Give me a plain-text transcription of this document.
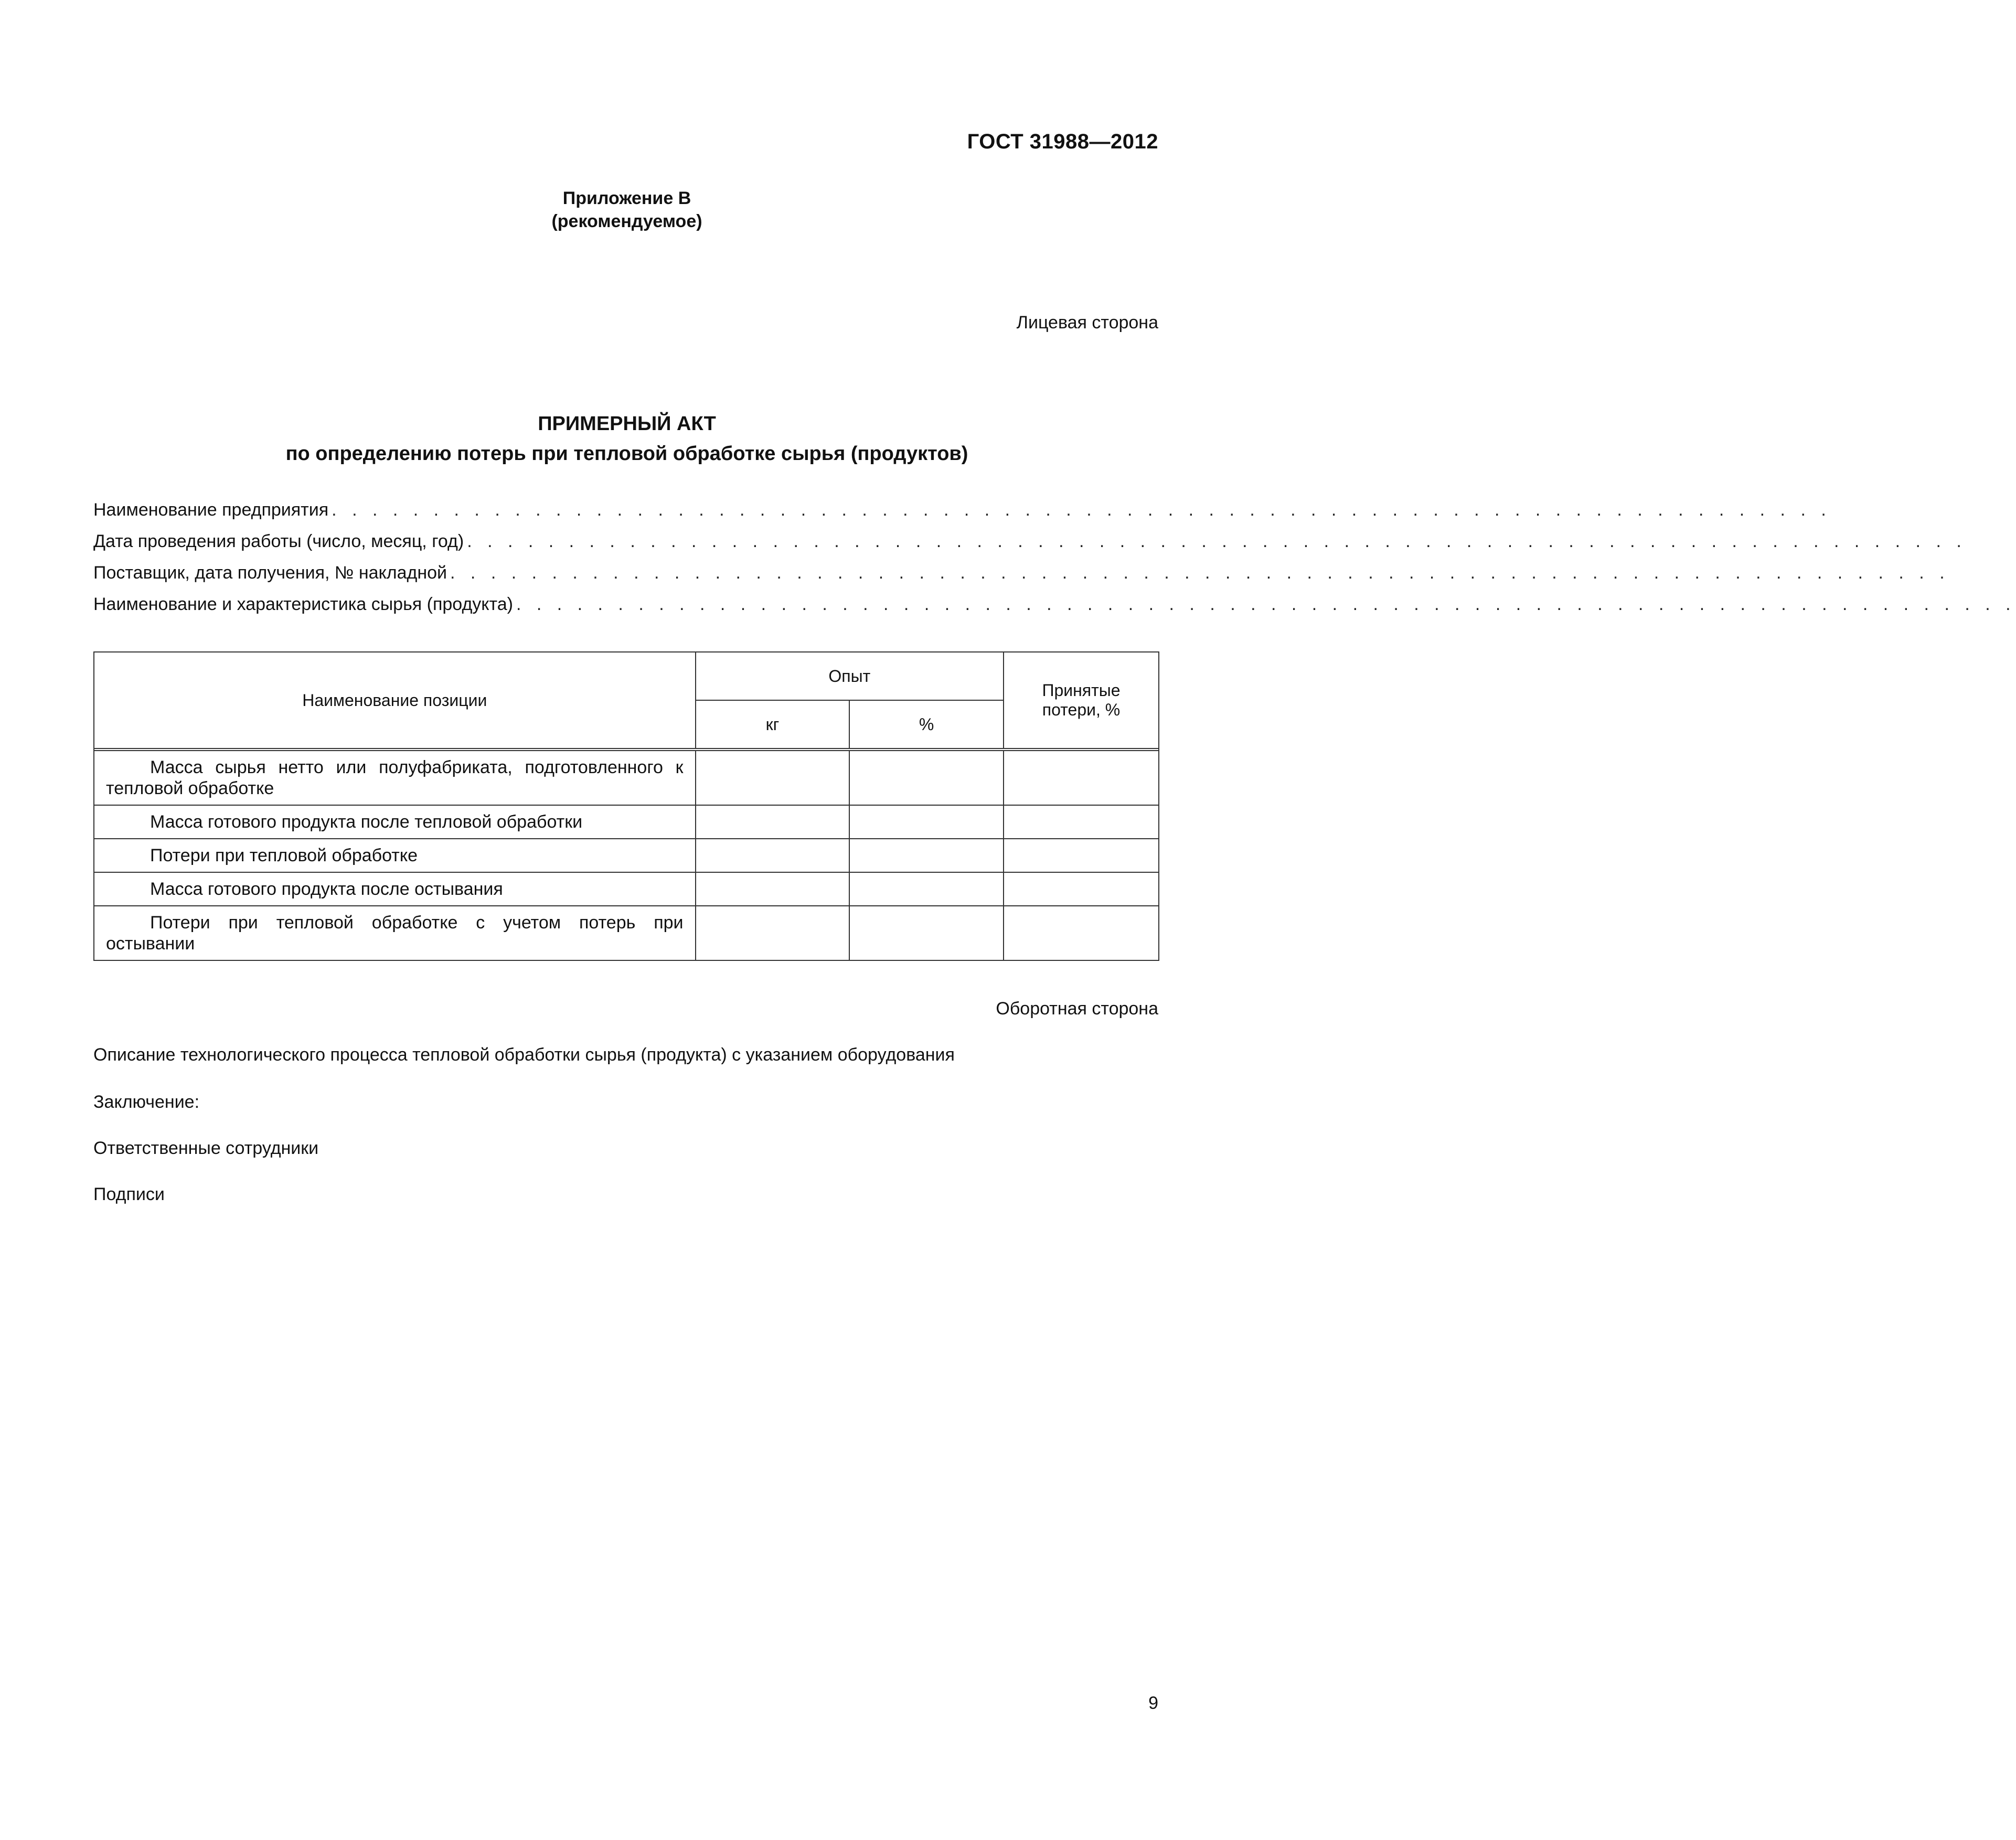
ГОСТ 31988—2012
Приложение В
(рекомендуемое)
Лицевая сторона
ПРИМЕРНЫЙ АКТ
по определению потерь при тепловой обработке сырья (продуктов)
Наименование предприятия . . . . . . . . . . . . . . . . . . . . . . . . . . . . . . . . . . . . . . . . . . . . . . . . . . . . . . . . . . . . . . . . . . . . . . . . . .
Дата проведения работы (число, месяц, год) . . . . . . . . . . . . . . . . . . . . . . . . . . . . . . . . . . . . . . . . . . . . . . . . . . . . . . . . . . . . . . . . . . . . . . . . . .
Поставщик, дата получения, № накладной . . . . . . . . . . . . . . . . . . . . . . . . . . . . . . . . . . . . . . . . . . . . . . . . . . . . . . . . . . . . . . . . . . . . . . . . . .
Наименование и характеристика сырья (продукта) . . . . . . . . . . . . . . . . . . . . . . . . . . . . . . . . . . . . . . . . . . . . . . . . . . . . . . . . . . . . . . . . . . . . . . . . . .
Наименование позиции	Опыт		Принятые потери, %
	кг	%	

Масса сырья нетто или полуфабриката, подготовленного к тепловой обработке			
Масса готового продукта после тепловой обработки			
Потери при тепловой обработке			
Масса готового продукта после остывания			
Потери при тепловой обработке с учетом потерь при остывании			
Оборотная сторона
Описание технологического процесса тепловой обработки сырья (продукта) с указанием оборудования
Заключение:
Ответственные сотрудники
Подписи
9
